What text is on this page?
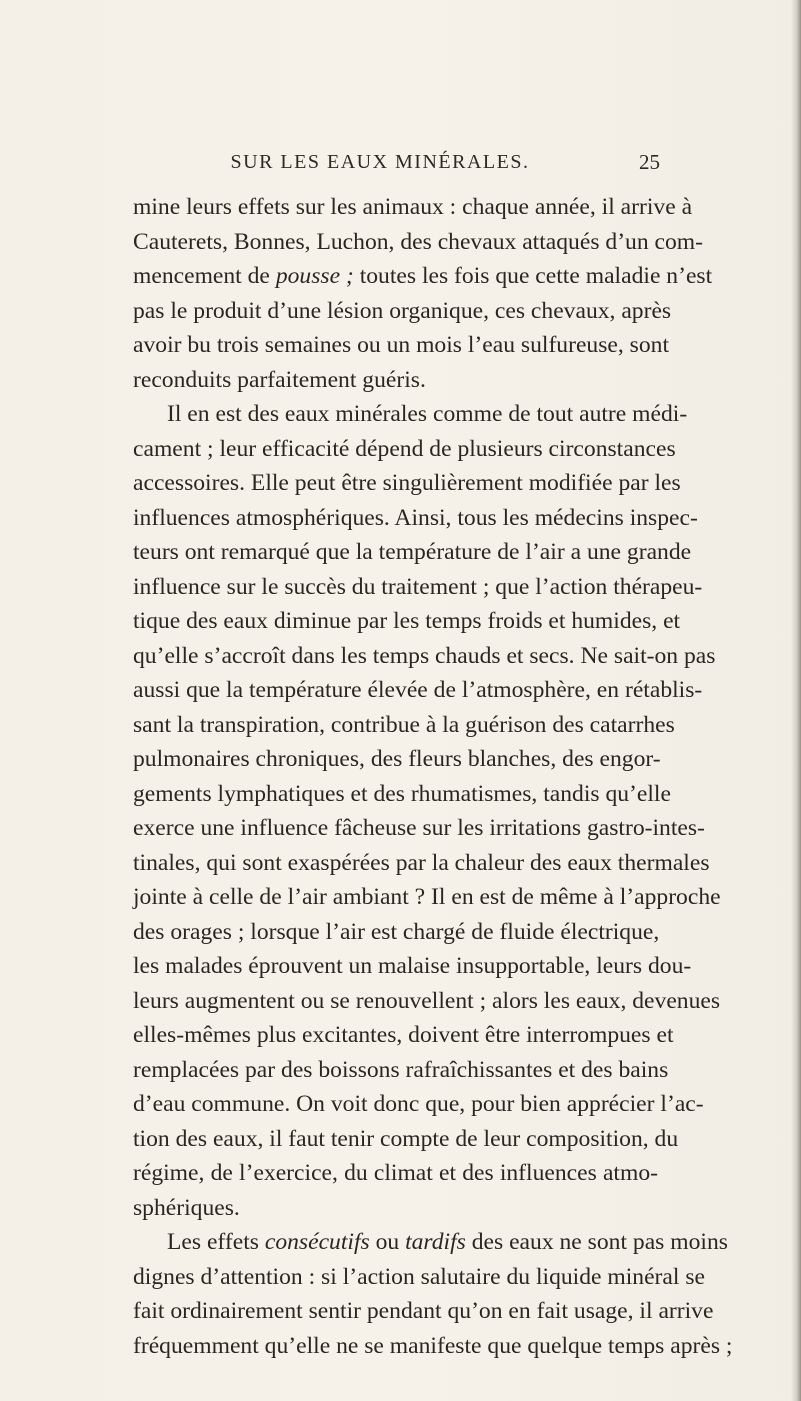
SUR LES EAUX MINÉRALES.	25
mine leurs effets sur les animaux : chaque année, il arrive à
Cauterets, Bonnes, Luchon, des chevaux attaqués d’un com-
mencement de pousse ; toutes les fois que cette maladie n’est
pas le produit d’une lésion organique, ces chevaux, après
avoir bu trois semaines ou un mois l’eau sulfureuse, sont
reconduits parfaitement guéris.
Il en est des eaux minérales comme de tout autre médi-
cament ; leur efficacité dépend de plusieurs circonstances
accessoires. Elle peut être singulièrement modifiée par les
influences atmosphériques. Ainsi, tous les médecins inspec-
teurs ont remarqué que la température de l’air a une grande
influence sur le succès du traitement ; que l’action thérapeu-
tique des eaux diminue par les temps froids et humides, et
qu’elle s’accroît dans les temps chauds et secs. Ne sait-on pas
aussi que la température élevée de l’atmosphère, en rétablis-
sant la transpiration, contribue à la guérison des catarrhes
pulmonaires chroniques, des fleurs blanches, des engor-
gements lymphatiques et des rhumatismes, tandis qu’elle
exerce une influence fâcheuse sur les irritations gastro-intes-
tinales, qui sont exaspérées par la chaleur des eaux thermales
jointe à celle de l’air ambiant ? Il en est de même à l’approche
des orages ; lorsque l’air est chargé de fluide électrique,
les malades éprouvent un malaise insupportable, leurs dou-
leurs augmentent ou se renouvellent ; alors les eaux, devenues
elles-mêmes plus excitantes, doivent être interrompues et
remplacées par des boissons rafraîchissantes et des bains
d’eau commune. On voit donc que, pour bien apprécier l’ac-
tion des eaux, il faut tenir compte de leur composition, du
régime, de l’exercice, du climat et des influences atmo-
sphériques.
Les effets consécutifs ou tardifs des eaux ne sont pas moins
dignes d’attention : si l’action salutaire du liquide minéral se
fait ordinairement sentir pendant qu’on en fait usage, il arrive
fréquemment qu’elle ne se manifeste que quelque temps après ;
